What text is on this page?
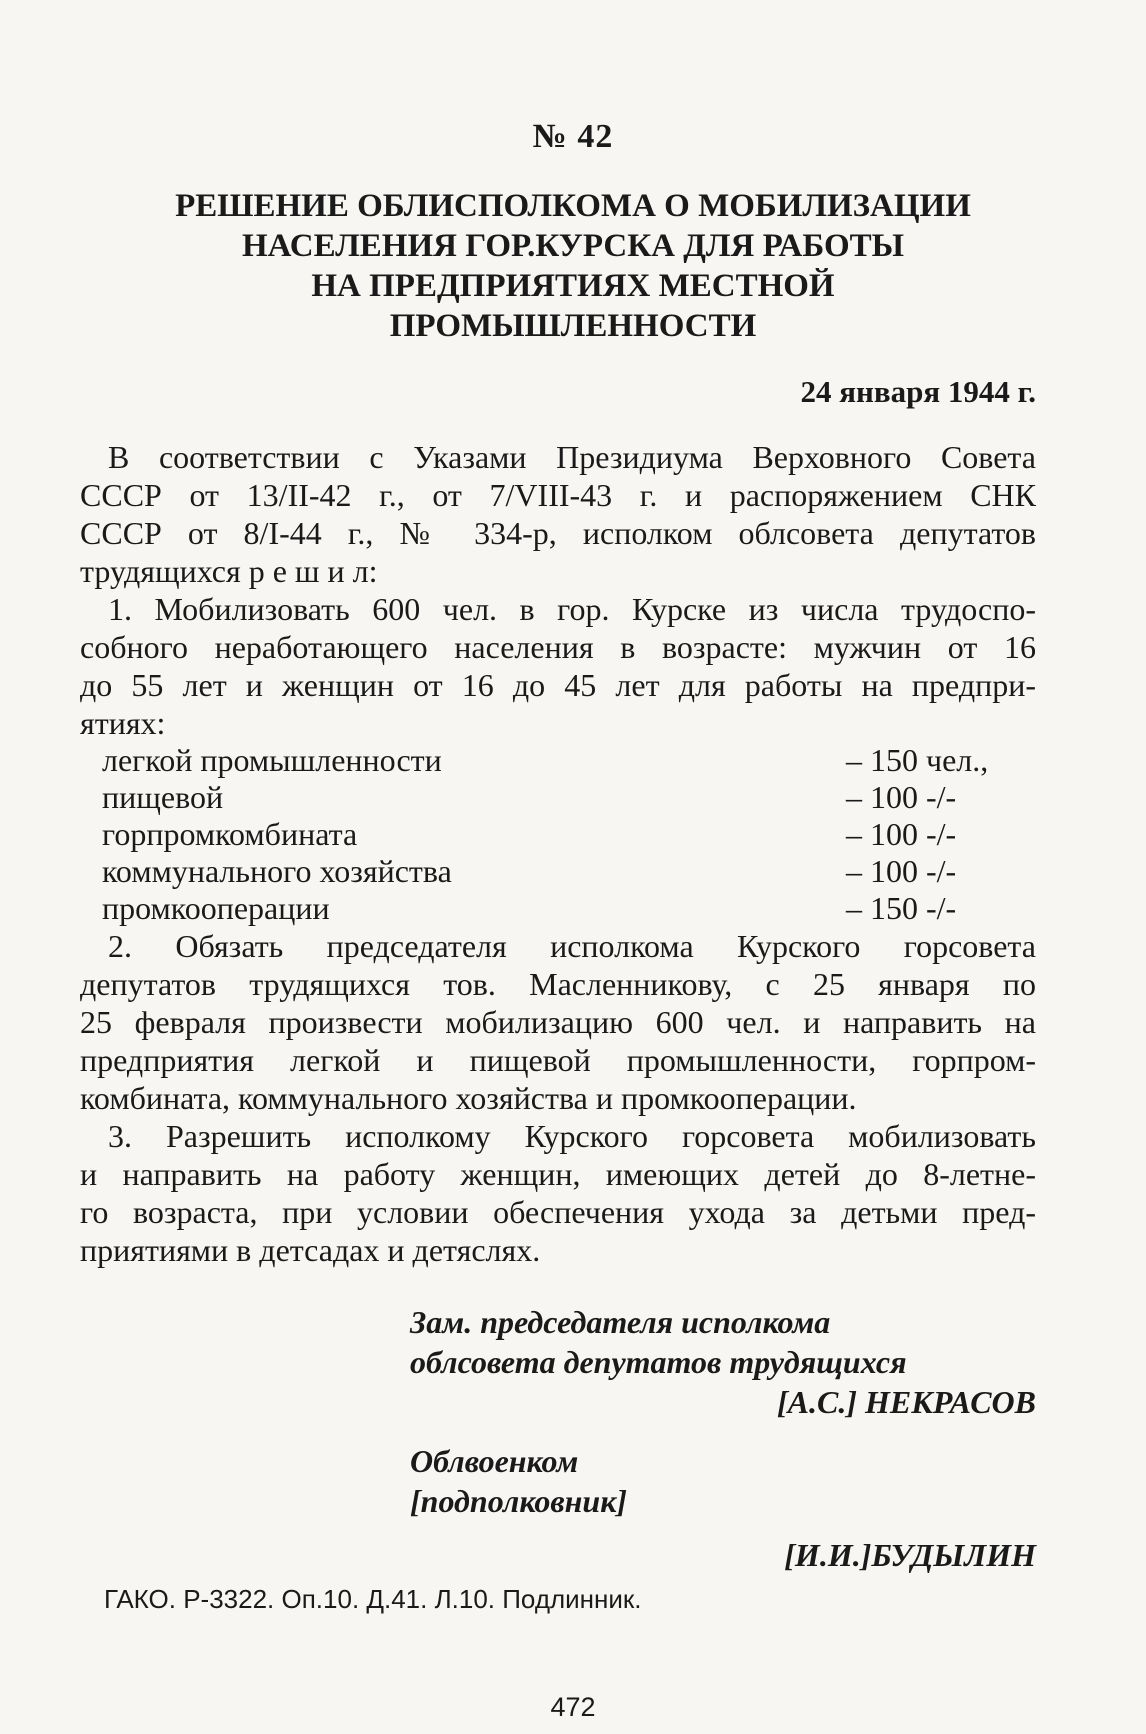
№ 42
РЕШЕНИЕ ОБЛИСПОЛКОМА О МОБИЛИЗАЦИИ
НАСЕЛЕНИЯ ГОР.КУРСКА ДЛЯ РАБОТЫ
НА ПРЕДПРИЯТИЯХ МЕСТНОЙ
ПРОМЫШЛЕННОСТИ
24 января 1944 г.
В соответствии с Указами Президиума Верховного Совета
СССР от 13/II-42 г., от 7/VIII-43 г. и распоряжением СНК
СССР от 8/I-44 г., № 334-р, исполком облсовета депутатов
трудящихся р е ш и л:
1. Мобилизовать 600 чел. в гор. Курске из числа трудоспо-
собного неработающего населения в возрасте: мужчин от 16
до 55 лет и женщин от 16 до 45 лет для работы на предпри-
ятиях:
легкой промышленности	– 150 чел.,
пищевой	– 100 -/-
горпромкомбината	– 100 -/-
коммунального хозяйства	– 100 -/-
промкооперации	– 150 -/-
2. Обязать председателя исполкома Курского горсовета
депутатов трудящихся тов. Масленникову, с 25 января по
25 февраля произвести мобилизацию 600 чел. и направить на
предприятия легкой и пищевой промышленности, горпром-
комбината, коммунального хозяйства и промкооперации.
3. Разрешить исполкому Курского горсовета мобилизовать
и направить на работу женщин, имеющих детей до 8-летне-
го возраста, при условии обеспечения ухода за детьми пред-
приятиями в детсадах и детяслях.
Зам. председателя исполкома
облсовета депутатов трудящихся
[А.С.] НЕКРАСОВ
Облвоенком
[подполковник]
[И.И.]БУДЫЛИН
ГАКО. Р-3322. Оп.10. Д.41. Л.10. Подлинник.
472
